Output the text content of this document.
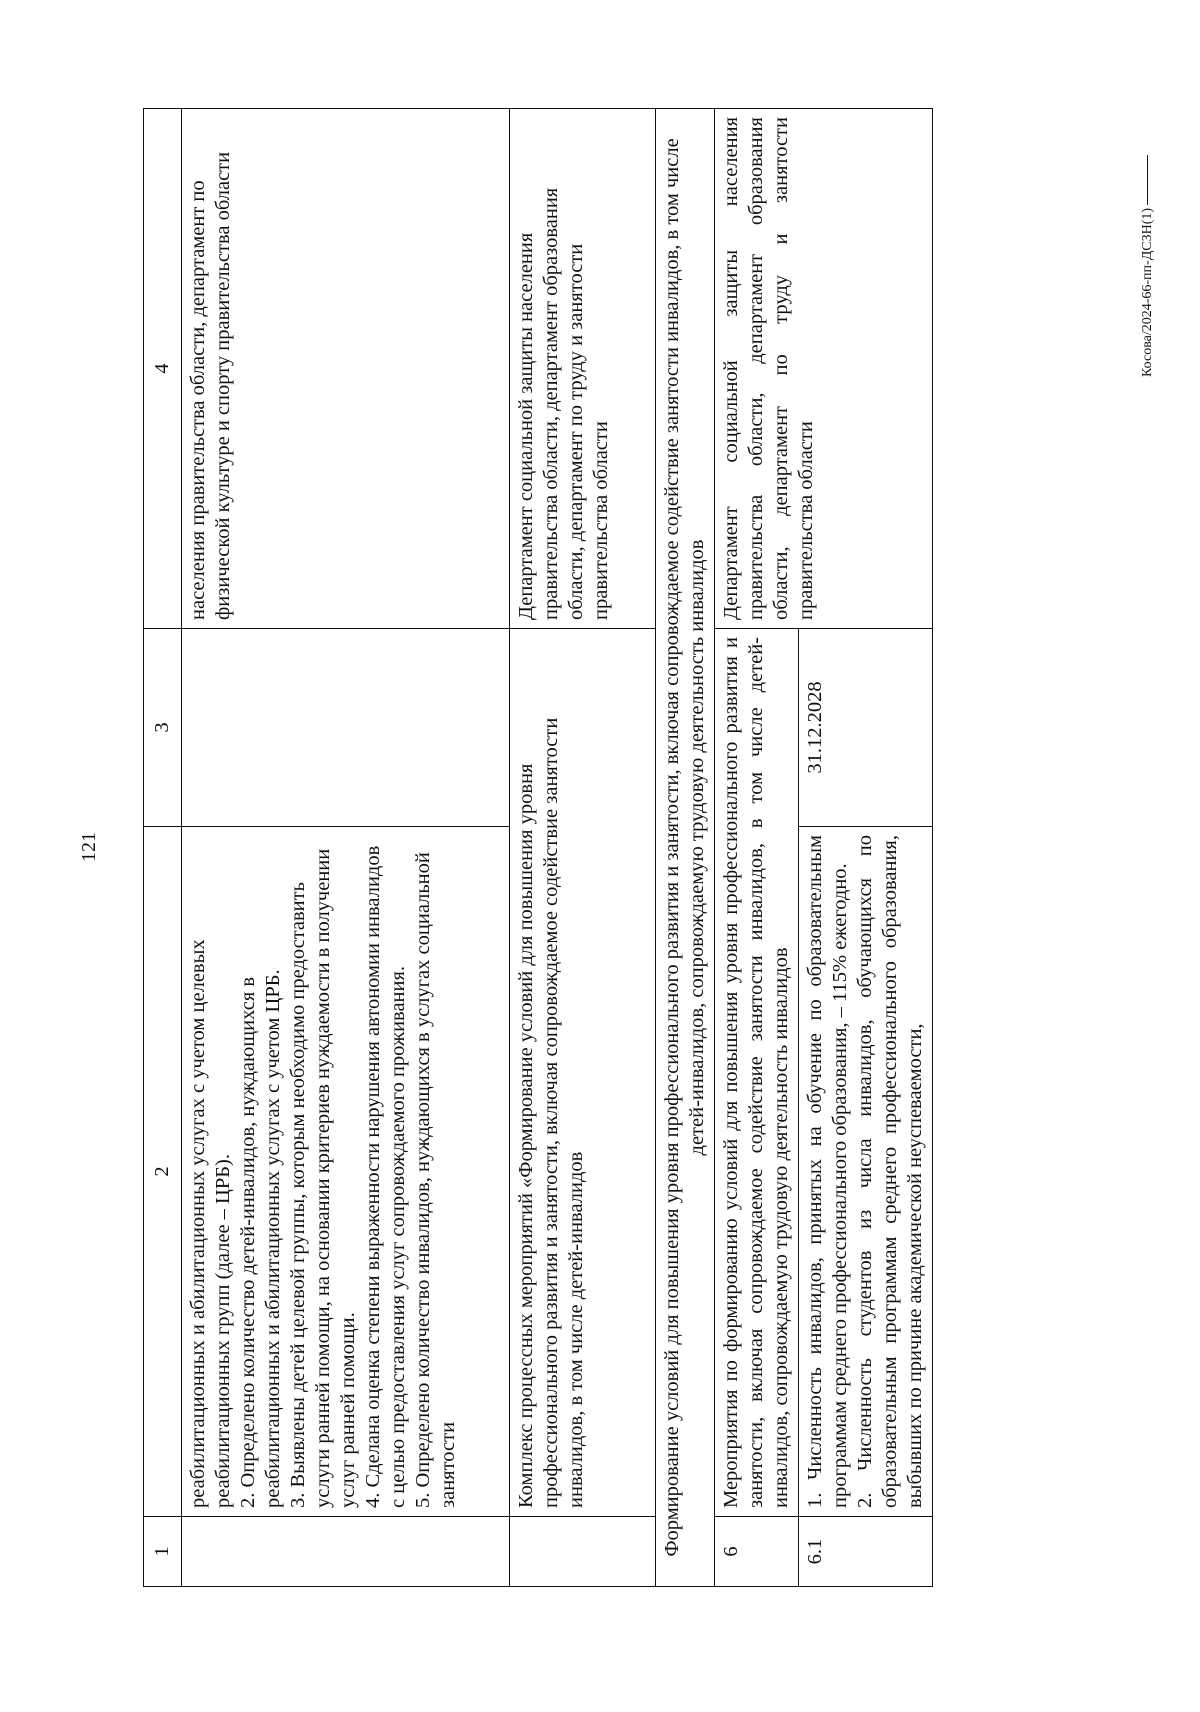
121
1	2	3	4

	реабилитационных и абилитационных услугах с учетом целевых реабилитационных групп (далее – ЦРБ). 2. Определено количество детей-инвалидов, нуждающихся в реабилитационных и абилитационных услугах с учетом ЦРБ. 3. Выявлены детей целевой группы, которым необходимо предоставить услуги ранней помощи, на основании критериев нуждаемости в получении услуг ранней помощи. 4. Сделана оценка степени выраженности нарушения автономии инвалидов с целью предоставления услуг сопровождаемого проживания. 5. Определено количество инвалидов, нуждающихся в услугах социальной занятости		населения правительства области, департамент по физической культуре и спорту правительства области
	Комплекс процессных мероприятий «Формирование условий для повышения уровня профессионального развития и занятости, включая сопровождаемое содействие занятости инвалидов, в том числе детей-инвалидов		Департамент социальной защиты населения правительства области, департамент образования области, департамент по труду и занятости правительства области
Формирование условий для повышения уровня профессионального развития и занятости, включая сопровождаемое содействие занятости инвалидов, в том числе детей-инвалидов, сопровождаемую трудовую деятельность инвалидов			
6	Мероприятия по формированию условий для повышения уровня профессионального развития и занятости, включая сопровождаемое содействие занятости инвалидов, в том числе детей-инвалидов, сопровождаемую трудовую деятельность инвалидов		Департамент социальной защиты населения правительства области, департамент образования области, департамент по труду и занятости правительства области
6.1	1. Численность инвалидов, принятых на обучение по образовательным программам среднего профессионального образования, – 115% ежегодно. 2. Численность студентов из числа инвалидов, обучающихся по образовательным программам среднего профессионального образования, выбывших по причине академической неуспеваемости,	31.12.2028	
Косова/2024-66-пп-ДСЗН(1)
